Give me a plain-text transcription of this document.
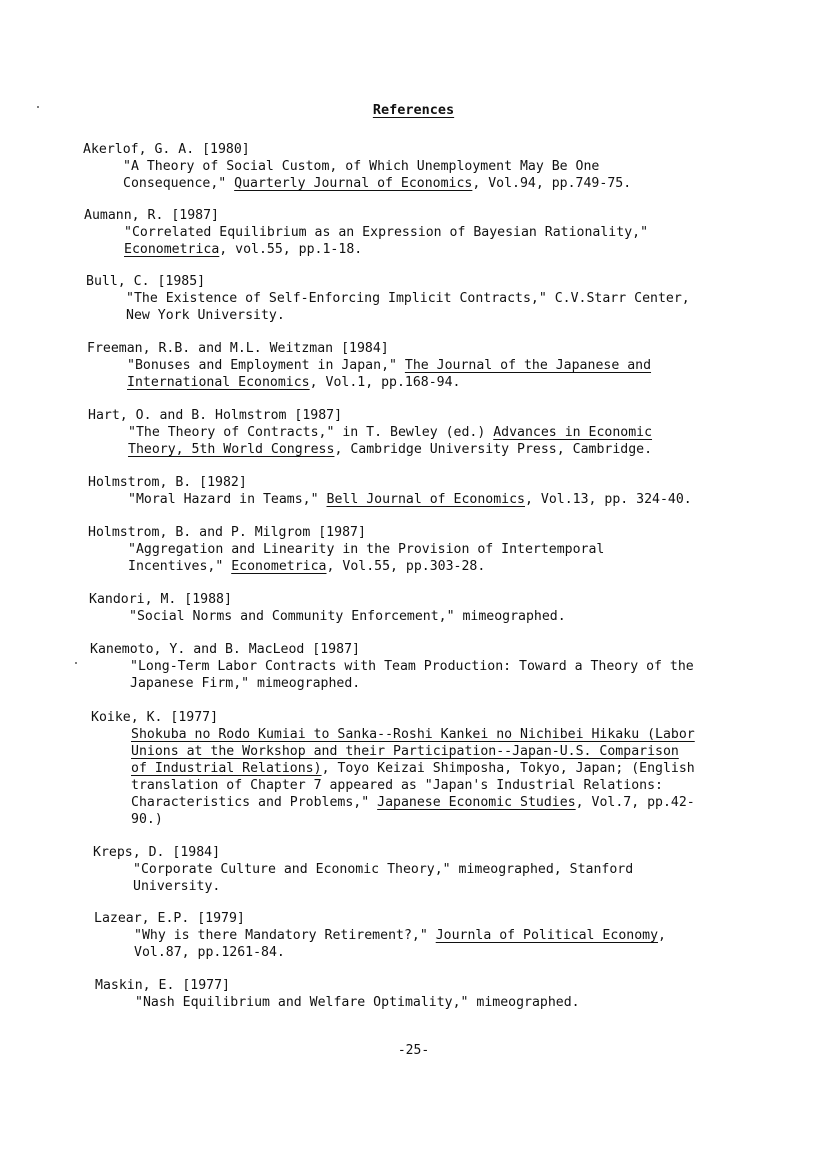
References
Akerlof, G. A. [1980]
"A Theory of Social Custom, of Which Unemployment May Be One
Consequence," Quarterly Journal of Economics, Vol.94, pp.749-75.
Aumann, R. [1987]
"Correlated Equilibrium as an Expression of Bayesian Rationality,"
Econometrica, vol.55, pp.1-18.
Bull, C. [1985]
"The Existence of Self-Enforcing Implicit Contracts," C.V.Starr Center,
New York University.
Freeman, R.B. and M.L. Weitzman [1984]
"Bonuses and Employment in Japan," The Journal of the Japanese and
International Economics, Vol.1, pp.168-94.
Hart, O. and B. Holmstrom [1987]
"The Theory of Contracts," in T. Bewley (ed.) Advances in Economic
Theory, 5th World Congress, Cambridge University Press, Cambridge.
Holmstrom, B. [1982]
"Moral Hazard in Teams," Bell Journal of Economics, Vol.13, pp. 324-40.
Holmstrom, B. and P. Milgrom [1987]
"Aggregation and Linearity in the Provision of Intertemporal
Incentives," Econometrica, Vol.55, pp.303-28.
Kandori, M. [1988]
"Social Norms and Community Enforcement," mimeographed.
Kanemoto, Y. and B. MacLeod [1987]
"Long-Term Labor Contracts with Team Production: Toward a Theory of the
Japanese Firm," mimeographed.
Koike, K. [1977]
Shokuba no Rodo Kumiai to Sanka--Roshi Kankei no Nichibei Hikaku (Labor
Unions at the Workshop and their Participation--Japan-U.S. Comparison
of Industrial Relations), Toyo Keizai Shimposha, Tokyo, Japan; (English
translation of Chapter 7 appeared as "Japan's Industrial Relations:
Characteristics and Problems," Japanese Economic Studies, Vol.7, pp.42-
90.)
Kreps, D. [1984]
"Corporate Culture and Economic Theory," mimeographed, Stanford
University.
Lazear, E.P. [1979]
"Why is there Mandatory Retirement?," Journla of Political Economy,
Vol.87, pp.1261-84.
Maskin, E. [1977]
"Nash Equilibrium and Welfare Optimality," mimeographed.
-25-
